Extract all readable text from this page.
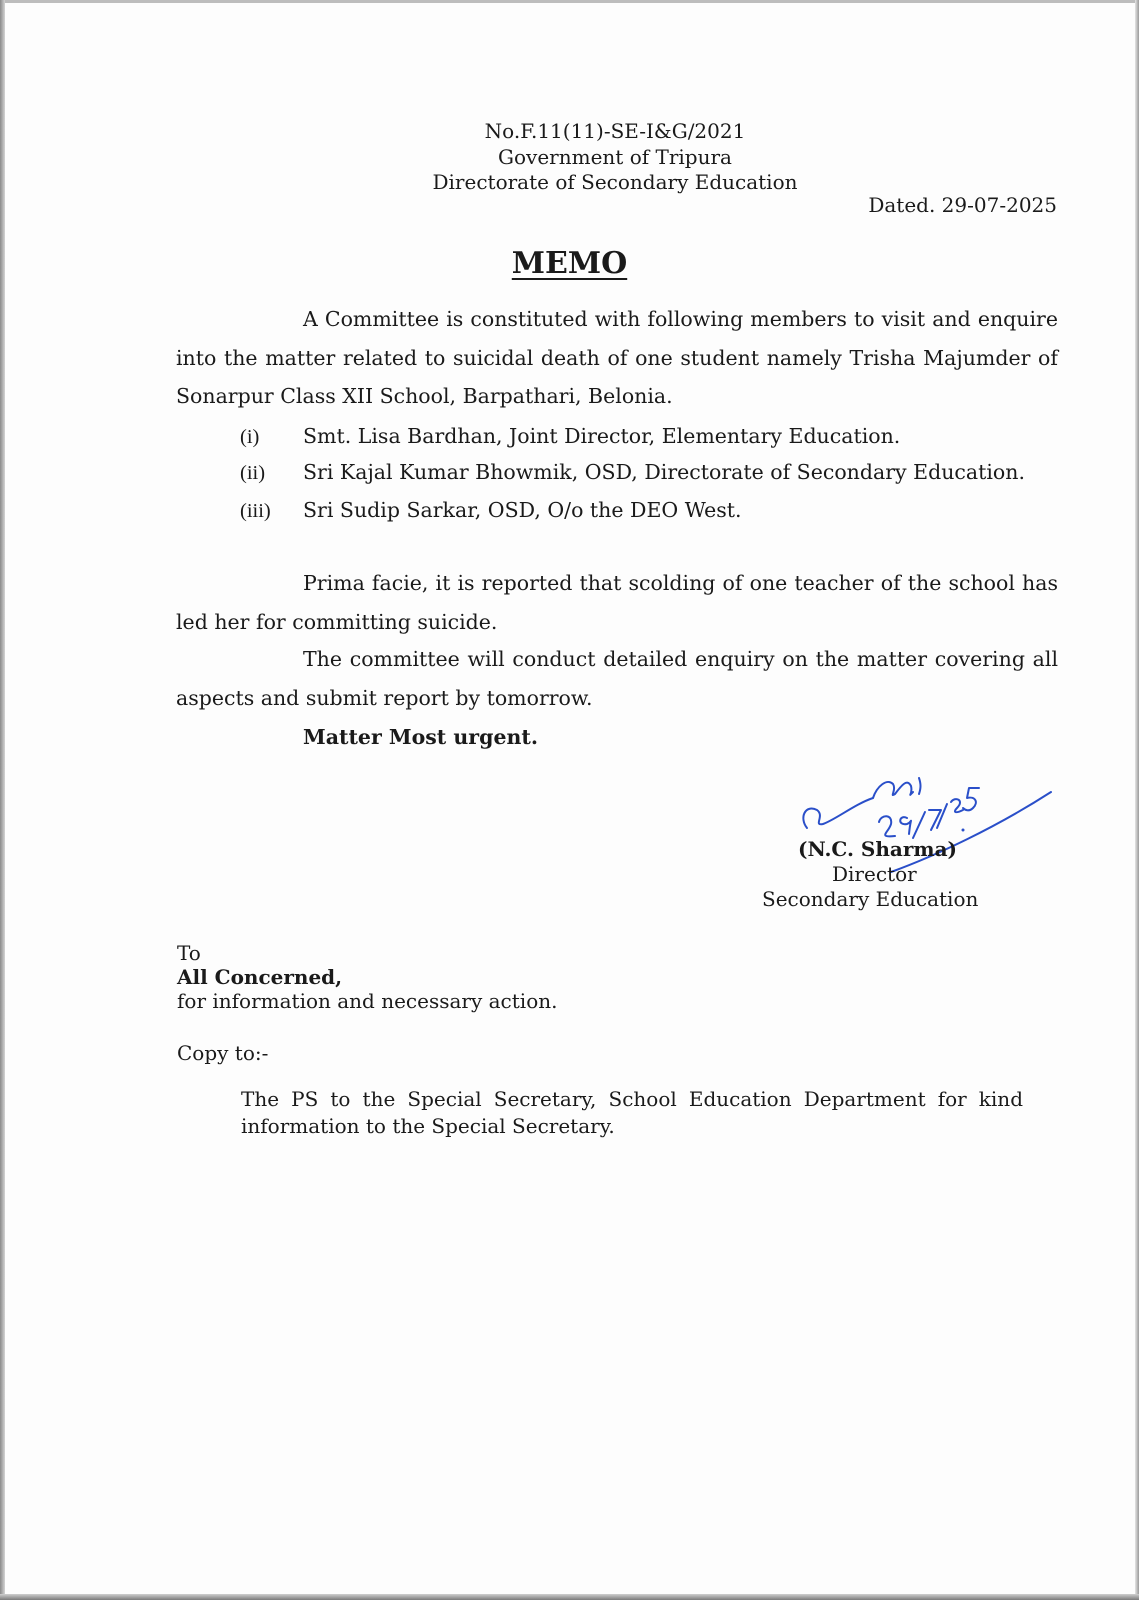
No.F.11(11)-SE-I&G/2021
Government of Tripura
Directorate of Secondary Education
Dated. 29-07-2025
MEMO

A Committee is constituted with following members to visit and enquire into the matter related to suicidal death of one student namely Trisha Majumder of Sonarpur Class XII School, Barpathari, Belonia.

(i) Smt. Lisa Bardhan, Joint Director, Elementary Education.
(ii) Sri Kajal Kumar Bhowmik, OSD, Directorate of Secondary Education.
(iii) Sri Sudip Sarkar, OSD, O/o the DEO West.

Prima facie, it is reported that scolding of one teacher of the school has led her for committing suicide.

The committee will conduct detailed enquiry on the matter covering all aspects and submit report by tomorrow.

Matter Most urgent.
(N.C. Sharma)
Director
Secondary Education
To
All Concerned,
for information and necessary action.
Copy to:-

The PS to the Special Secretary, School Education Department for kind information to the Special Secretary.
